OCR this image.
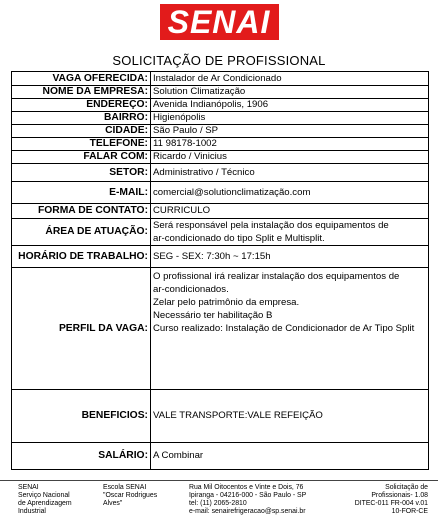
SENAI
SOLICITAÇÃO DE PROFISSIONAL
VAGA OFERECIDA:	Instalador de Ar Condicionado
NOME DA EMPRESA:	Solution Climatização
ENDEREÇO:	Avenida Indianópolis, 1906
BAIRRO:	Higienópolis
CIDADE:	São Paulo / SP
TELEFONE:	11 98178-1002
FALAR COM:	Ricardo / Vinicius
SETOR:	Administrativo / Técnico
E-MAIL:	comercial@solutionclimatização.com
FORMA DE CONTATO:	CURRICULO
ÁREA DE ATUAÇÃO:	Será responsável pela instalação dos equipamentos de
ar-condicionado do tipo Split e Multisplit.

HORÁRIO DE TRABALHO:	SEG - SEX: 7:30h ~ 17:15h
PERFIL DA VAGA:	O profissional irá realizar instalação dos equipamentos de
ar-condicionados.
Zelar pelo patrimônio da empresa.
Necessário ter habilitação B
Curso realizado: Instalação de Condicionador de Ar Tipo Split

BENEFICIOS:	VALE TRANSPORTE:VALE REFEIÇÃO
SALÁRIO:	A Combinar
SENAI
Serviço Nacional
de Aprendizagem
Industrial
Escola SENAI
"Oscar Rodrigues
Alves"
Rua Mil Oitocentos e Vinte e Dois, 76
Ipiranga - 04216-000 - São Paulo - SP
tel: (11) 2065-2810
e-mail: senairefrigeracao@sp.senai.br
Solicitação de
Profissionais- 1.08
DITEC-011 FR-004 v.01
10-FOR-CE
